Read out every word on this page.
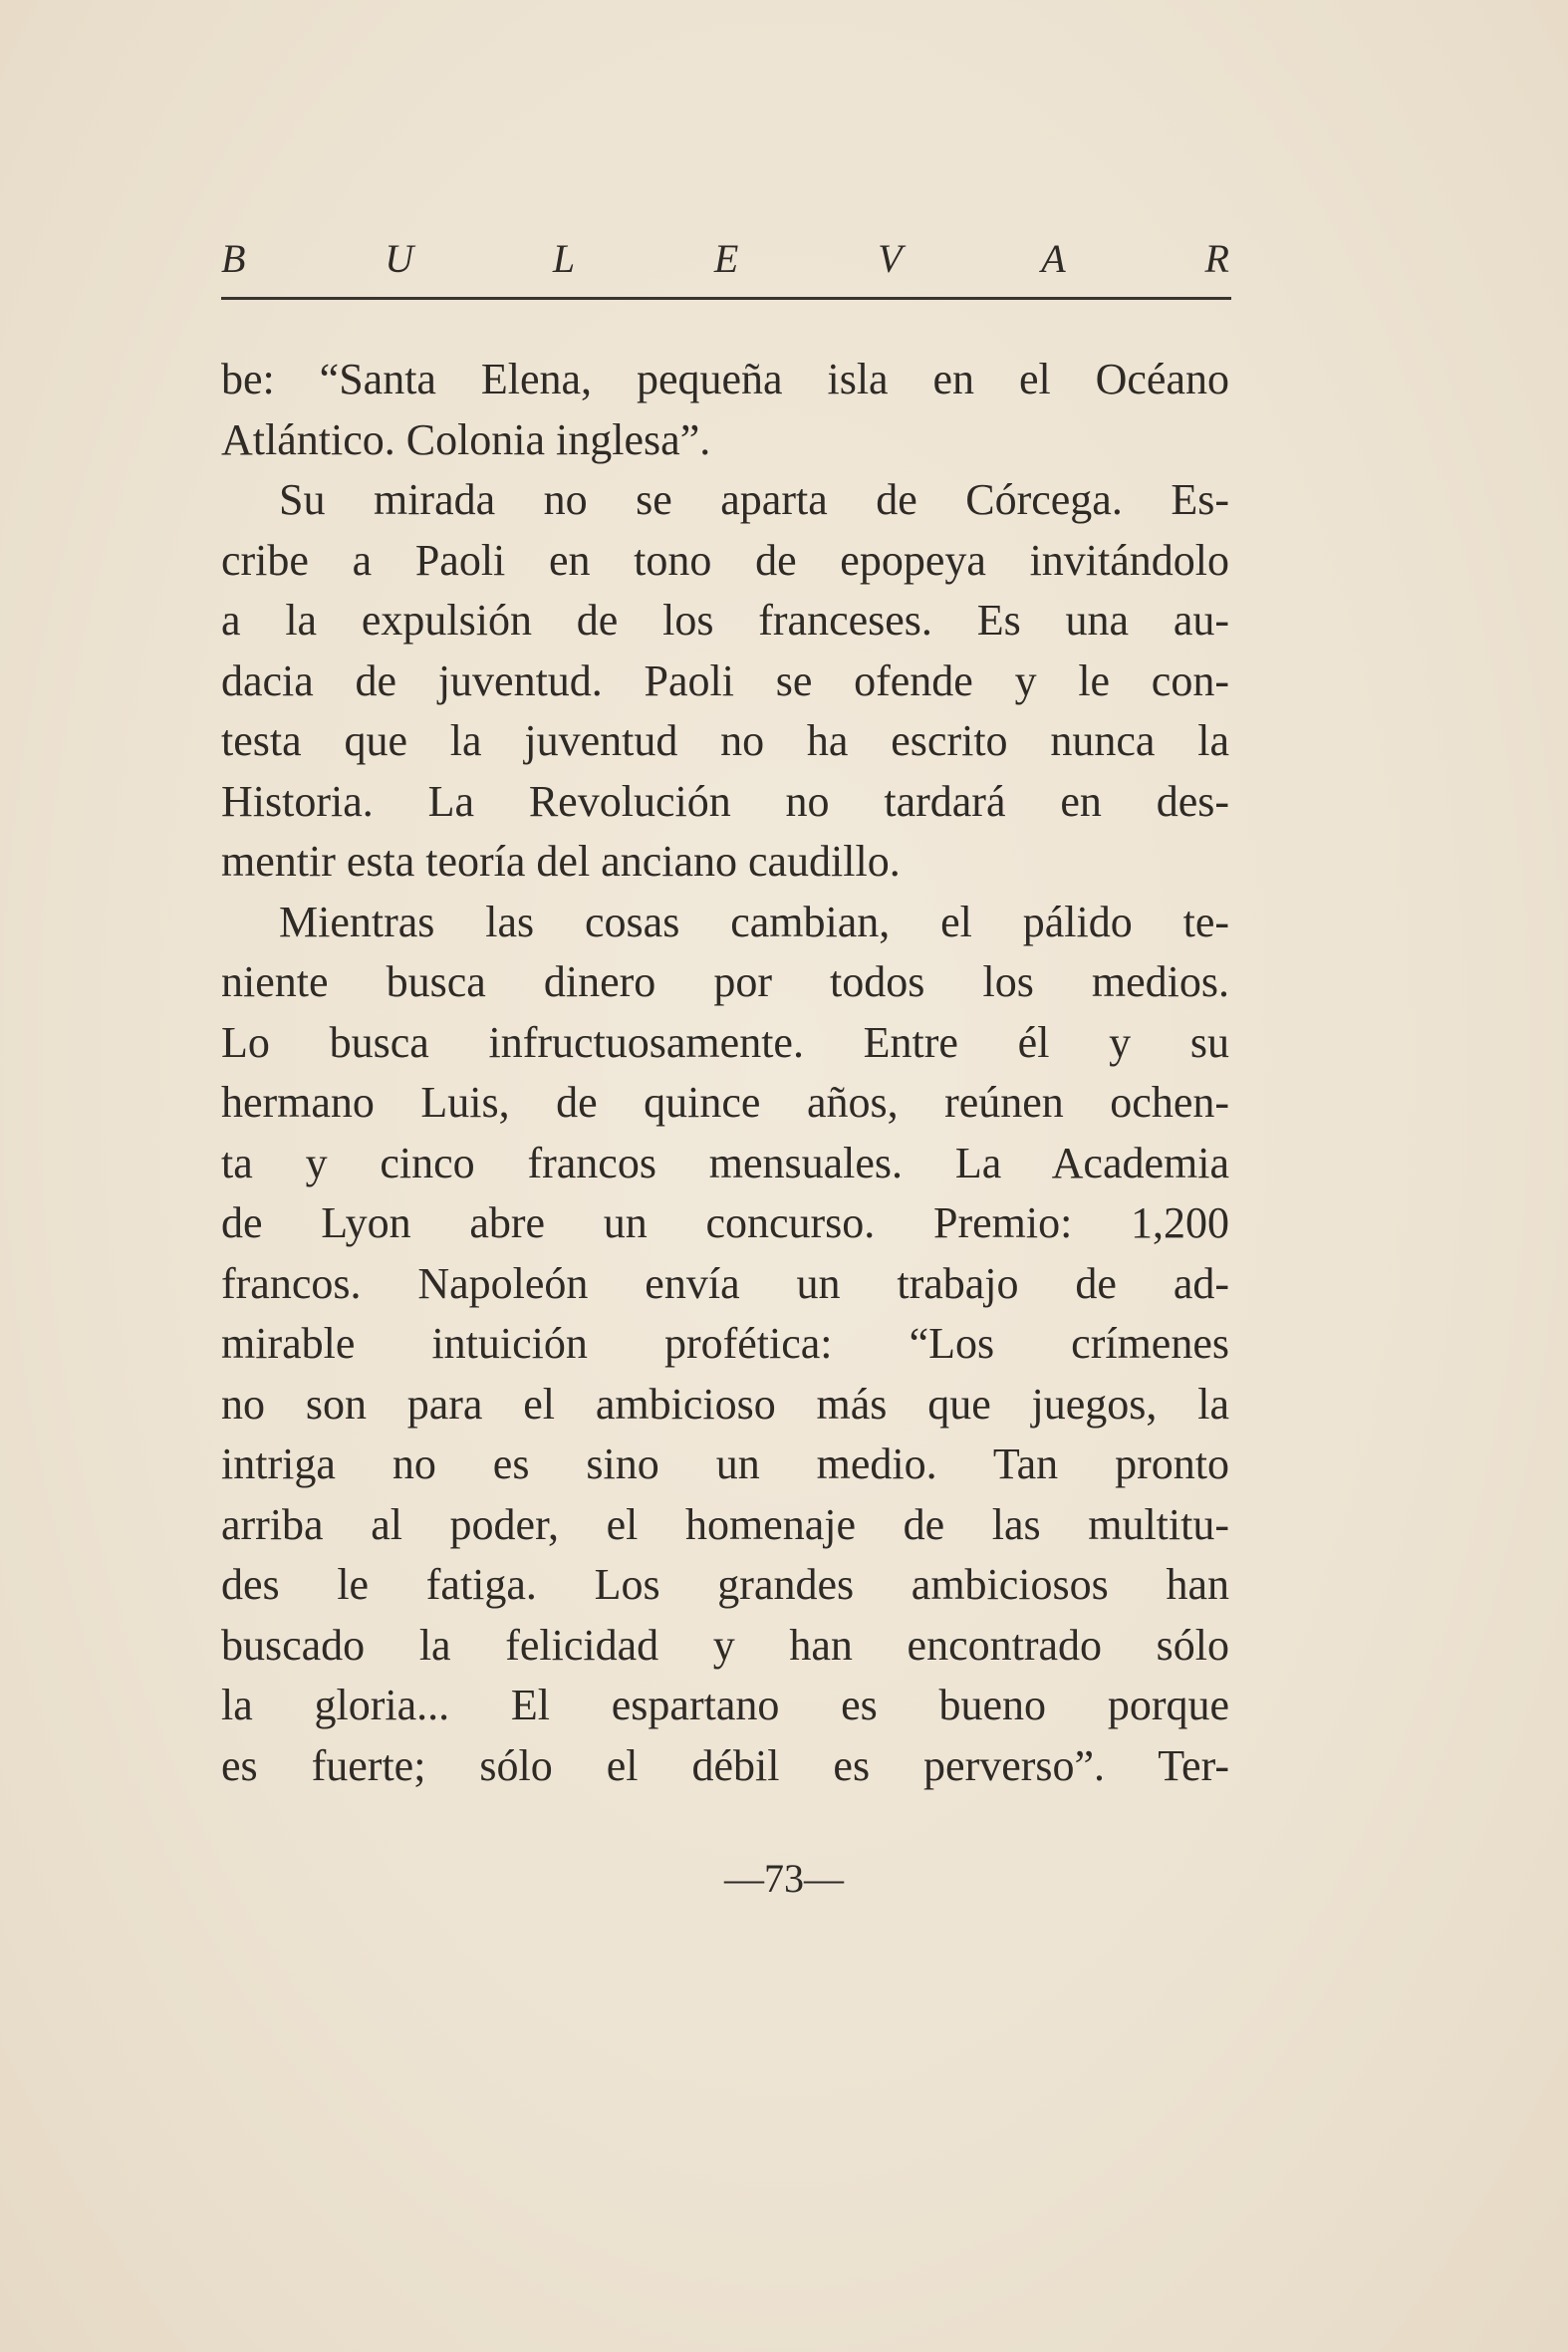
B	U	L	E	V	A	R
be: “Santa Elena, pequeña isla en el Océano
Atlántico. Colonia inglesa”.
Su mirada no se aparta de Córcega. Es-
cribe a Paoli en tono de epopeya invitándolo
a la expulsión de los franceses. Es una au-
dacia de juventud. Paoli se ofende y le con-
testa que la juventud no ha escrito nunca la
Historia. La Revolución no tardará en des-
mentir esta teoría del anciano caudillo.
Mientras las cosas cambian, el pálido te-
niente busca dinero por todos los medios.
Lo busca infructuosamente. Entre él y su
hermano Luis, de quince años, reúnen ochen-
ta y cinco francos mensuales. La Academia
de Lyon abre un concurso. Premio: 1,200
francos. Napoleón envía un trabajo de ad-
mirable intuición profética: “Los crímenes
no son para el ambicioso más que juegos, la
intriga no es sino un medio. Tan pronto
arriba al poder, el homenaje de las multitu-
des le fatiga. Los grandes ambiciosos han
buscado la felicidad y han encontrado sólo
la gloria... El espartano es bueno porque
es fuerte; sólo el débil es perverso”. Ter-
—73—
